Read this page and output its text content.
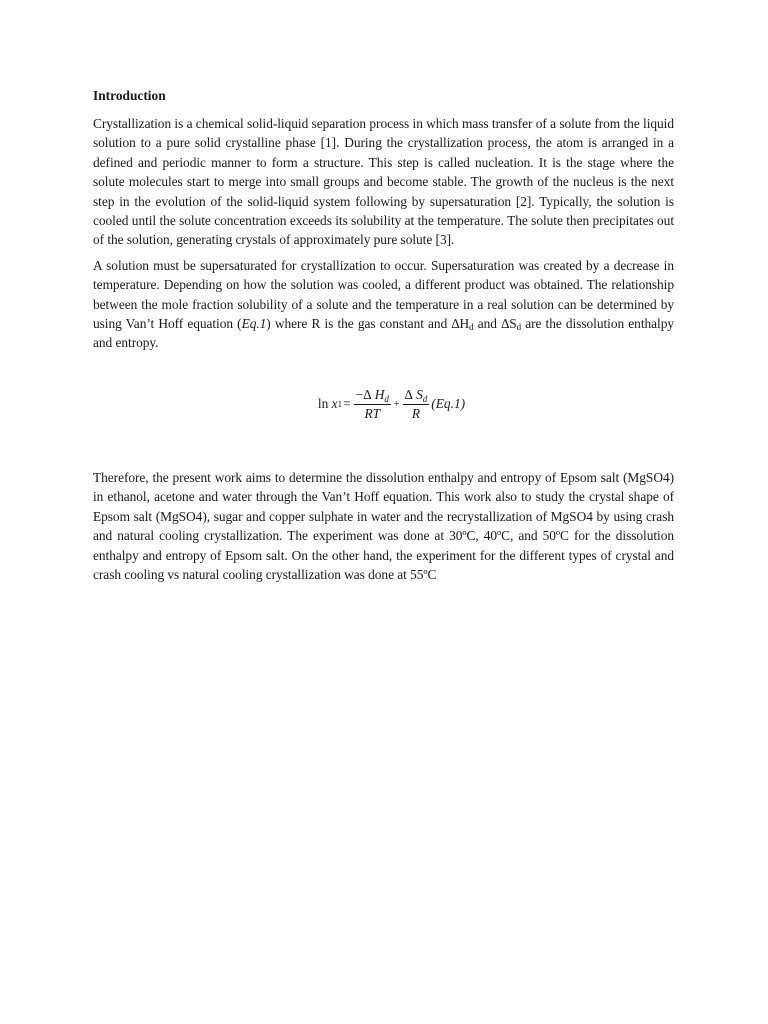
Introduction

Crystallization is a chemical solid-liquid separation process in which mass transfer of a solute from the liquid solution to a pure solid crystalline phase [1]. During the crystallization process, the atom is arranged in a defined and periodic manner to form a structure. This step is called nucleation. It is the stage where the solute molecules start to merge into small groups and become stable. The growth of the nucleus is the next step in the evolution of the solid-liquid system following by supersaturation [2]. Typically, the solution is cooled until the solute concentration exceeds its solubility at the temperature. The solute then precipitates out of the solution, generating crystals of approximately pure solute [3].

A solution must be supersaturated for crystallization to occur. Supersaturation was created by a decrease in temperature. Depending on how the solution was cooled, a different product was obtained. The relationship between the mole fraction solubility of a solute and the temperature in a real solution can be determined by using Van’t Hoff equation (Eq.1) where R is the gas constant and $\Delta H_d$ and $\Delta S_d$ are the dissolution enthalpy and entropy.

ln
x $1 = \frac{-\Delta H_d}{RT} + \frac{\Delta S_d}{R} (Eq.1)$

Therefore, the present work aims to determine the dissolution enthalpy and entropy of Epsom salt (MgSO4) in ethanol, acetone and water through the Van’t Hoff equation. This work also to study the crystal shape of Epsom salt (MgSO4), sugar and copper sulphate in water and the recrystallization of MgSO4 by using crash and natural cooling crystallization. The experiment was done at 30ºC, 40ºC, and 50ºC for the dissolution enthalpy and entropy of Epsom salt. On the other hand, the experiment for the different types of crystal and crash cooling vs natural cooling crystallization was done at 55ºC
